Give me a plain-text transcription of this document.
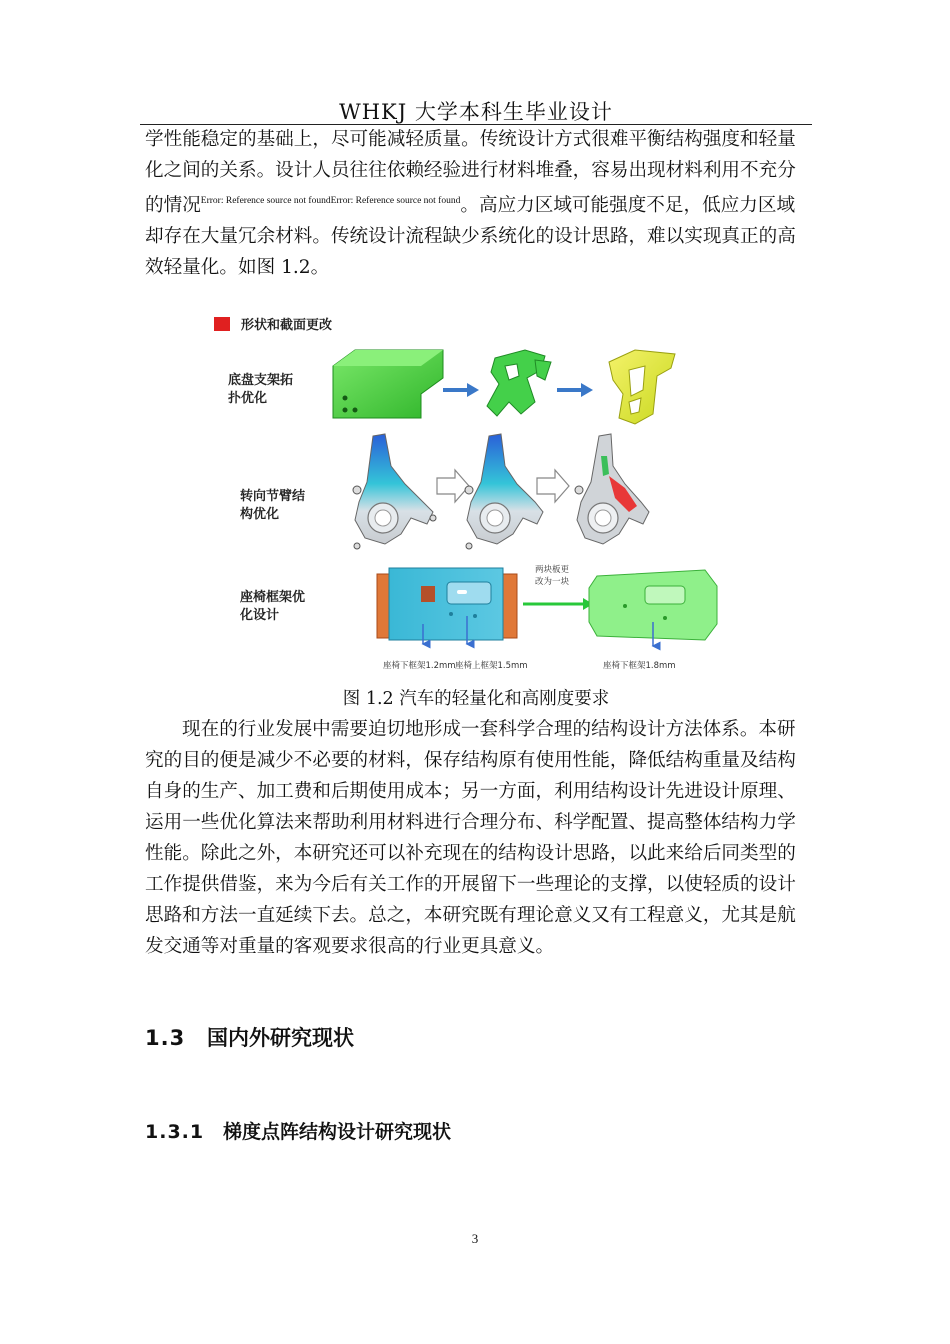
WHKJ 大学本科生毕业设计

学性能稳定的基础上，尽可能减轻质量。传统设计方式很难平衡结构强度和轻量化之间的关系。设计人员往往依赖经验进行材料堆叠，容易出现材料利用不充分的情况$^{Error: Reference source not foundError: Reference source not found}$。高应力区域可能强度不足，低应力区域却存在大量冗余材料。传统设计流程缺少系统化的设计思路，难以实现真正的高效轻量化。如图 1.2。

形状和截面更改
底盘支架拓
扑优化
转向节臂结
构优化
座椅框架优
化设计
两块板更
改为一块
座椅下框架1.2mm 座椅上框架1.5mm	座椅下框架1.8mm
图 1.2 汽车的轻量化和高刚度要求

现在的行业发展中需要迫切地形成一套科学合理的结构设计方法体系。本研究的目的便是减少不必要的材料，保存结构原有使用性能，降低结构重量及结构自身的生产、加工费和后期使用成本；另一方面，利用结构设计先进设计原理、运用一些优化算法来帮助利用材料进行合理分布、科学配置、提高整体结构力学性能。除此之外，本研究还可以补充现在的结构设计思路，以此来给后同类型的工作提供借鉴，来为今后有关工作的开展留下一些理论的支撑，以使轻质的设计思路和方法一直延续下去。总之，本研究既有理论意义又有工程意义，尤其是航发交通等对重量的客观要求很高的行业更具意义。

1.3 国内外研究现状
1.3.1 梯度点阵结构设计研究现状
3
